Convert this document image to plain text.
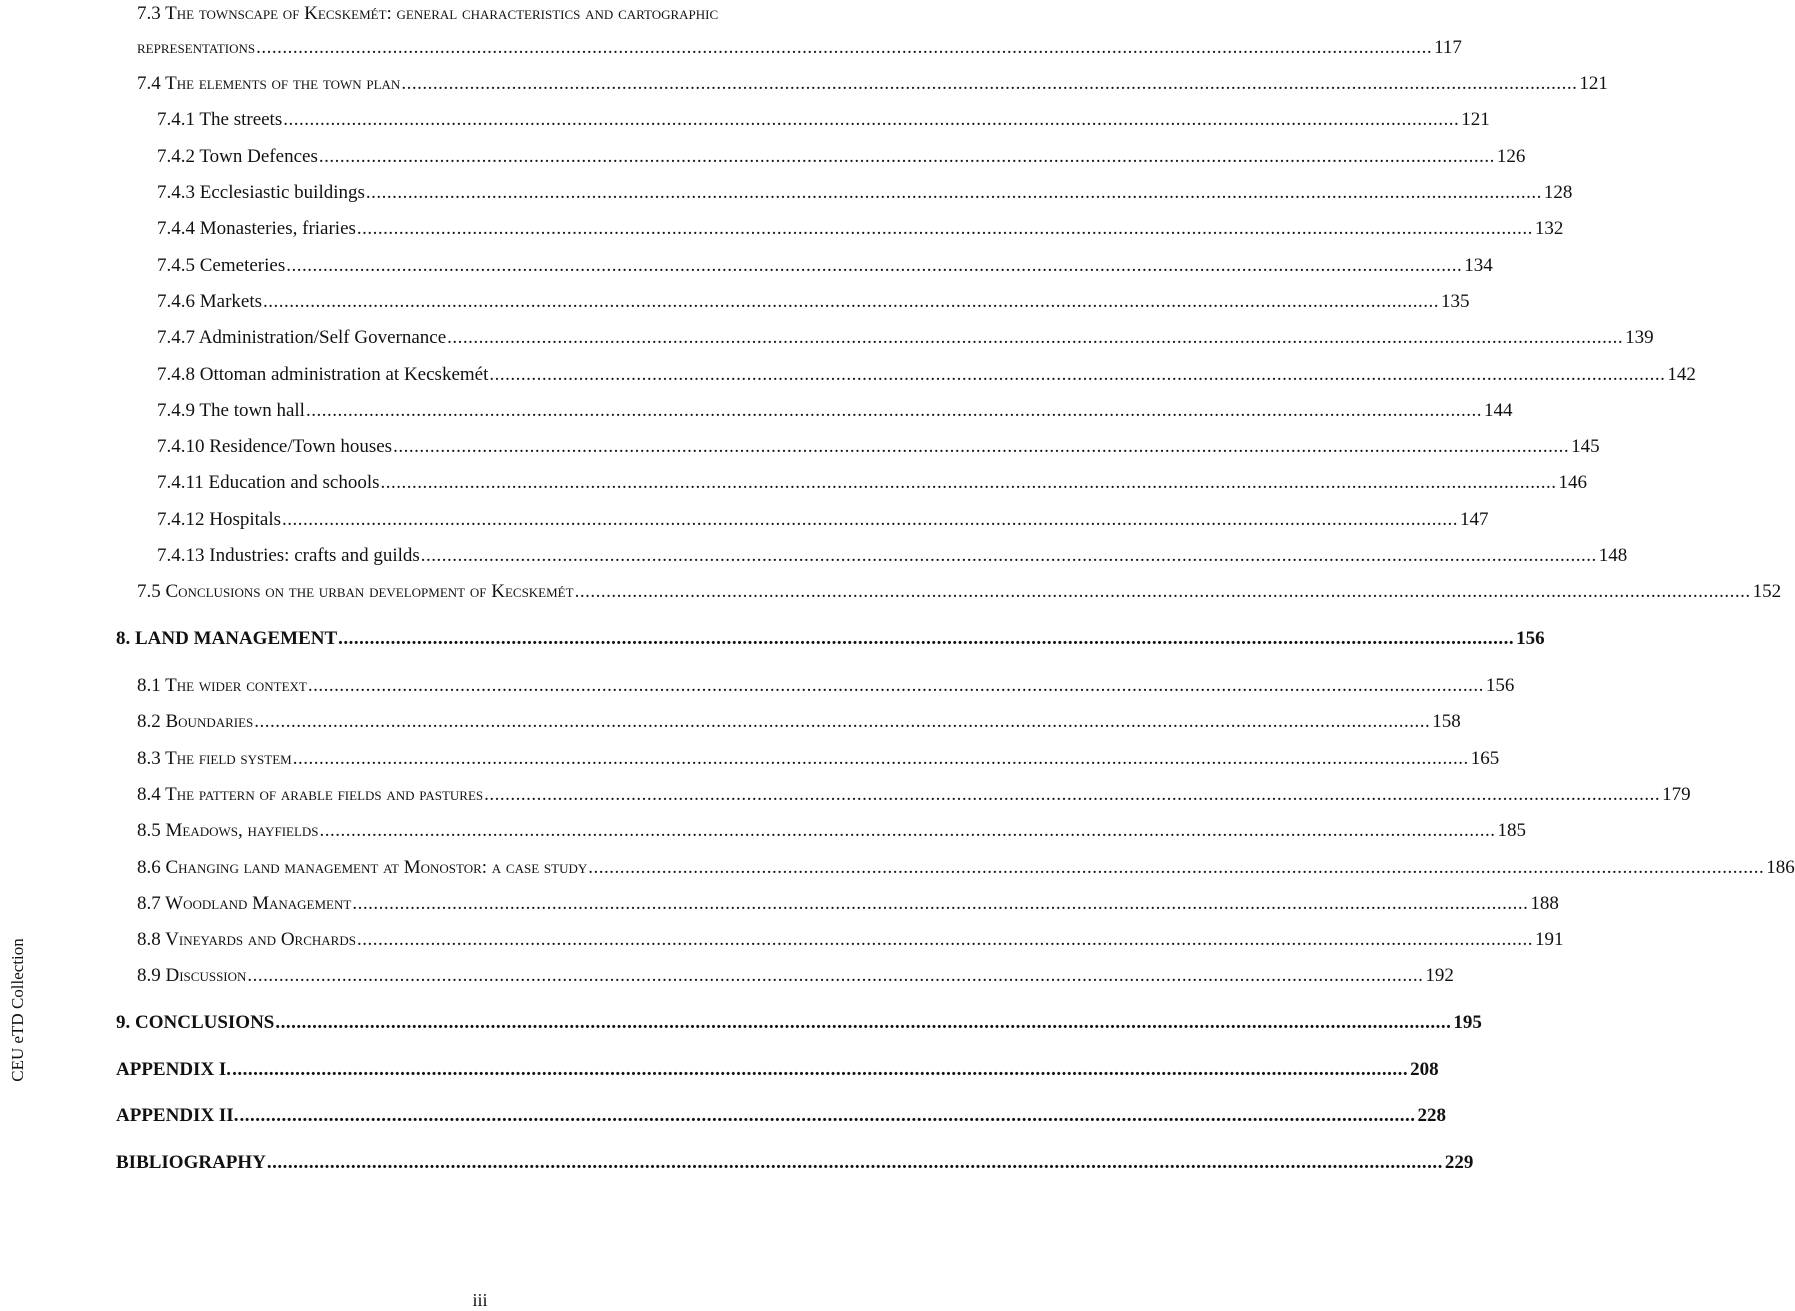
7.3 The townscape of Kecskemét: general characteristics and cartographic
representations ................................................................................................................................................................................................................................ 117
7.4 The elements of the town plan ................................................................................................................................................................................................................................ 121
7.4.1 The streets ................................................................................................................................................................................................................................ 121
7.4.2 Town Defences ................................................................................................................................................................................................................................ 126
7.4.3 Ecclesiastic buildings ................................................................................................................................................................................................................................ 128
7.4.4 Monasteries, friaries ................................................................................................................................................................................................................................ 132
7.4.5 Cemeteries ................................................................................................................................................................................................................................ 134
7.4.6 Markets ................................................................................................................................................................................................................................ 135
7.4.7 Administration/Self Governance ................................................................................................................................................................................................................................ 139
7.4.8 Ottoman administration at Kecskemét ................................................................................................................................................................................................................................ 142
7.4.9 The town hall ................................................................................................................................................................................................................................ 144
7.4.10 Residence/Town houses ................................................................................................................................................................................................................................ 145
7.4.11 Education and schools ................................................................................................................................................................................................................................ 146
7.4.12 Hospitals ................................................................................................................................................................................................................................ 147
7.4.13 Industries: crafts and guilds ................................................................................................................................................................................................................................ 148
7.5 Conclusions on the urban development of Kecskemét ................................................................................................................................................................................................................................ 152
8. LAND MANAGEMENT ................................................................................................................................................................................................................................ 156
8.1 The wider context ................................................................................................................................................................................................................................ 156
8.2 Boundaries ................................................................................................................................................................................................................................ 158
8.3 The field system ................................................................................................................................................................................................................................ 165
8.4 The pattern of arable fields and pastures ................................................................................................................................................................................................................................ 179
8.5 Meadows, hayfields ................................................................................................................................................................................................................................ 185
8.6 Changing land management at Monostor: a case study ................................................................................................................................................................................................................................ 186
8.7 Woodland Management ................................................................................................................................................................................................................................ 188
8.8 Vineyards and Orchards ................................................................................................................................................................................................................................ 191
8.9 Discussion ................................................................................................................................................................................................................................ 192
9. CONCLUSIONS ................................................................................................................................................................................................................................ 195
APPENDIX I. ................................................................................................................................................................................................................................ 208
APPENDIX II. ................................................................................................................................................................................................................................ 228
BIBLIOGRAPHY ................................................................................................................................................................................................................................ 229
CEU eTD Collection
iii
